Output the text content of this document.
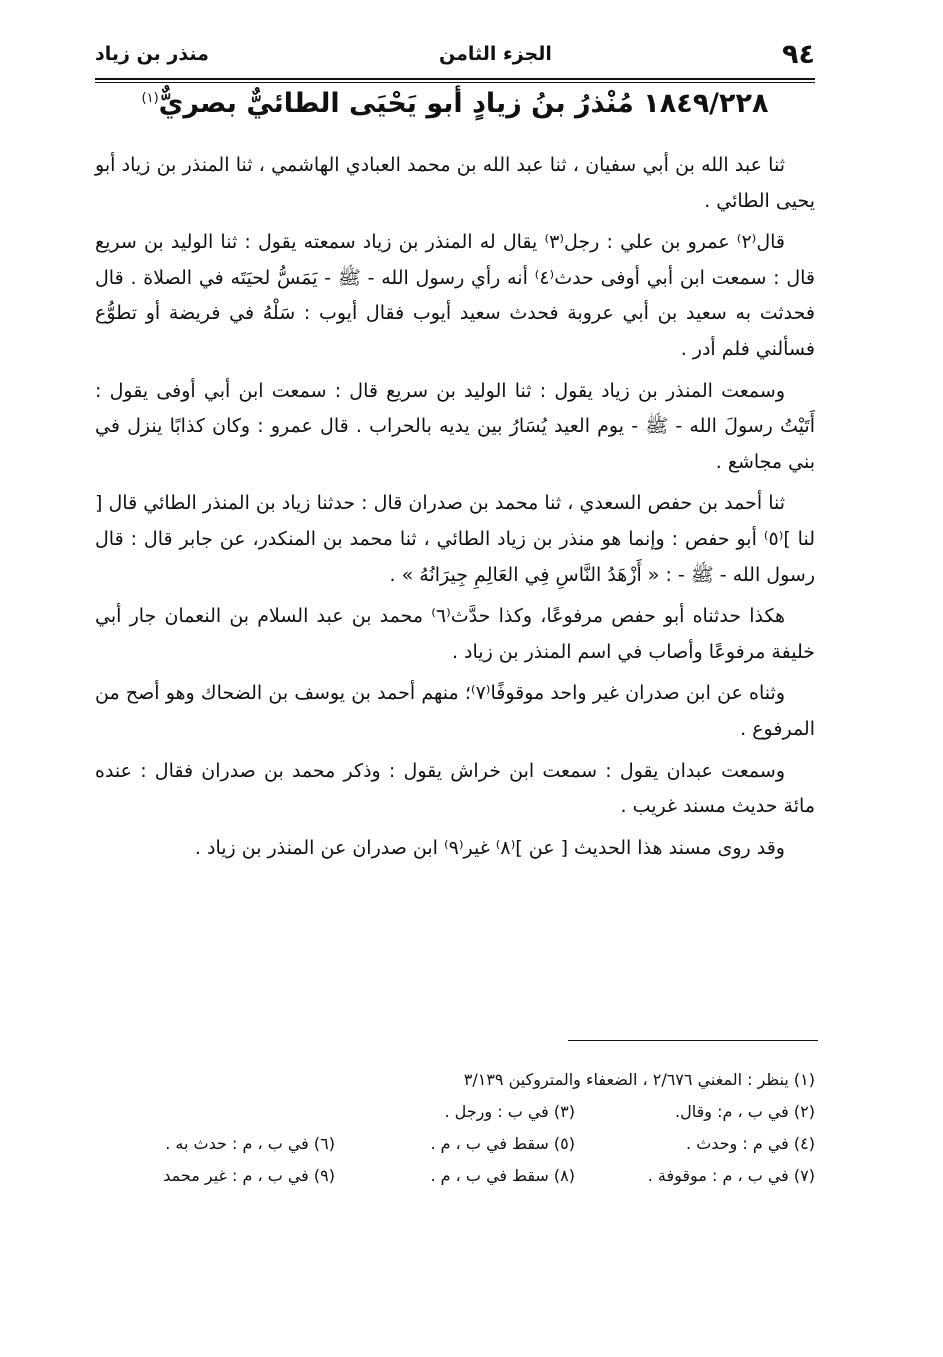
٩٤
الجزء الثامن
منذر بن زياد
١٨٤٩/٢٢٨ مُنْذرُ بنُ زيادٍ أبو يَحْيَى الطائيٌّ بصريٌّ$^{(١)}$

ثنا عبد الله بن أبي سفيان ، ثنا عبد الله بن محمد العبادي الهاشمي ، ثنا المنذر بن زياد أبو يحيى الطائي .

قال⁽٢⁾ عمرو بن علي : رجل⁽٣⁾ يقال له المنذر بن زياد سمعته يقول : ثنا الوليد بن سريع قال : سمعت ابن أبي أوفى حدث⁽٤⁾ أنه رأي رسول الله - ﷺ - يَمَسُّ لحيَتَه في الصلاة . قال فحدثت به سعيد بن أبي عروبة فحدث سعيد أيوب فقال أيوب : سَلْهُ في فريضة أو تطوُّع فسألني فلم أدر .

وسمعت المنذر بن زياد يقول : ثنا الوليد بن سريع قال : سمعت ابن أبي أوفى يقول : أَتَيْتُ رسولَ الله - ﷺ - يوم العيد يُسَارُ بين يديه بالحراب . قال عمرو : وكان كذابًا ينزل في بني مجاشع .

ثنا أحمد بن حفص السعدي ، ثنا محمد بن صدران قال : حدثنا زياد بن المنذر الطائي قال [ لنا ]⁽٥⁾ أبو حفص : وإنما هو منذر بن زياد الطائي ، ثنا محمد بن المنكدر، عن جابر قال : قال رسول الله - ﷺ - : « أَزْهَدُ النَّاسِ فِي العَالِمِ جِيرَانُهُ » .

هكذا حدثناه أبو حفص مرفوعًا، وكذا حدَّث⁽٦⁾ محمد بن عبد السلام بن النعمان جار أبي خليفة مرفوعًا وأصاب في اسم المنذر بن زياد .

وثناه عن ابن صدران غير واحد موقوفًا⁽٧⁾؛ منهم أحمد بن يوسف بن الضحاك وهو أصح من المرفوع .

وسمعت عبدان يقول : سمعت ابن خراش يقول : وذكر محمد بن صدران فقال : عنده مائة حديث مسند غريب .

وقد روى مسند هذا الحديث [ عن ]⁽٨⁾ غير⁽٩⁾ ابن صدران عن المنذر بن زياد .

(١) ينظر : المغني ٢/٦٧٦ ، الضعفاء والمتروكين ٣/١٣٩
(٢) في ب ، م: وقال.
(٣) في ب : ورجل .
(٤) في م : وحدث .
(٥) سقط في ب ، م .
(٦) في ب ، م : حدث به .
(٧) في ب ، م : موقوفة .
(٨) سقط في ب ، م .
(٩) في ب ، م : غير محمد
